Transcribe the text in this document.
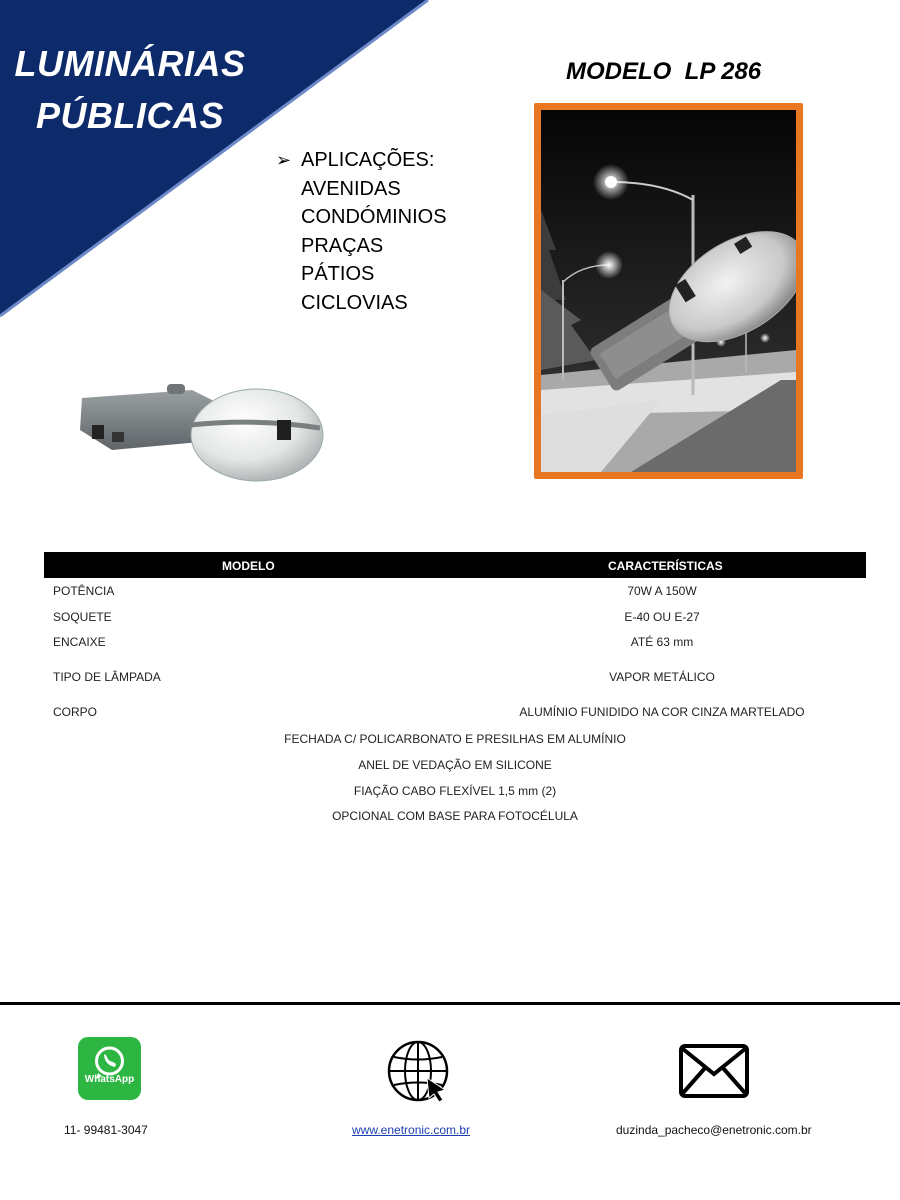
LUMINÁRIAS
PÚBLICAS
MODELO  LP 286
➢ APLICAÇÕES:
AVENIDAS
CONDÓMINIOS
PRAÇAS
PÁTIOS
CICLOVIAS
MODELO	CARACTERÍSTICAS
POTÊNCIA	70W A 150W
SOQUETE	E-40 OU E-27
ENCAIXE	ATÉ 63 mm
TIPO DE LÂMPADA	VAPOR METÁLICO
CORPO	ALUMÍNIO FUNIDIDO NA COR CINZA MARTELADO
FECHADA C/ POLICARBONATO E PRESILHAS EM ALUMÍNIO
ANEL DE VEDAÇÃO EM SILICONE
FIAÇÃO CABO FLEXÍVEL 1,5 mm (2)
OPCIONAL COM BASE PARA FOTOCÉLULA
WhatsApp
11- 99481-3047	www.enetronic.com.br	duzinda_pacheco@enetronic.com.br
